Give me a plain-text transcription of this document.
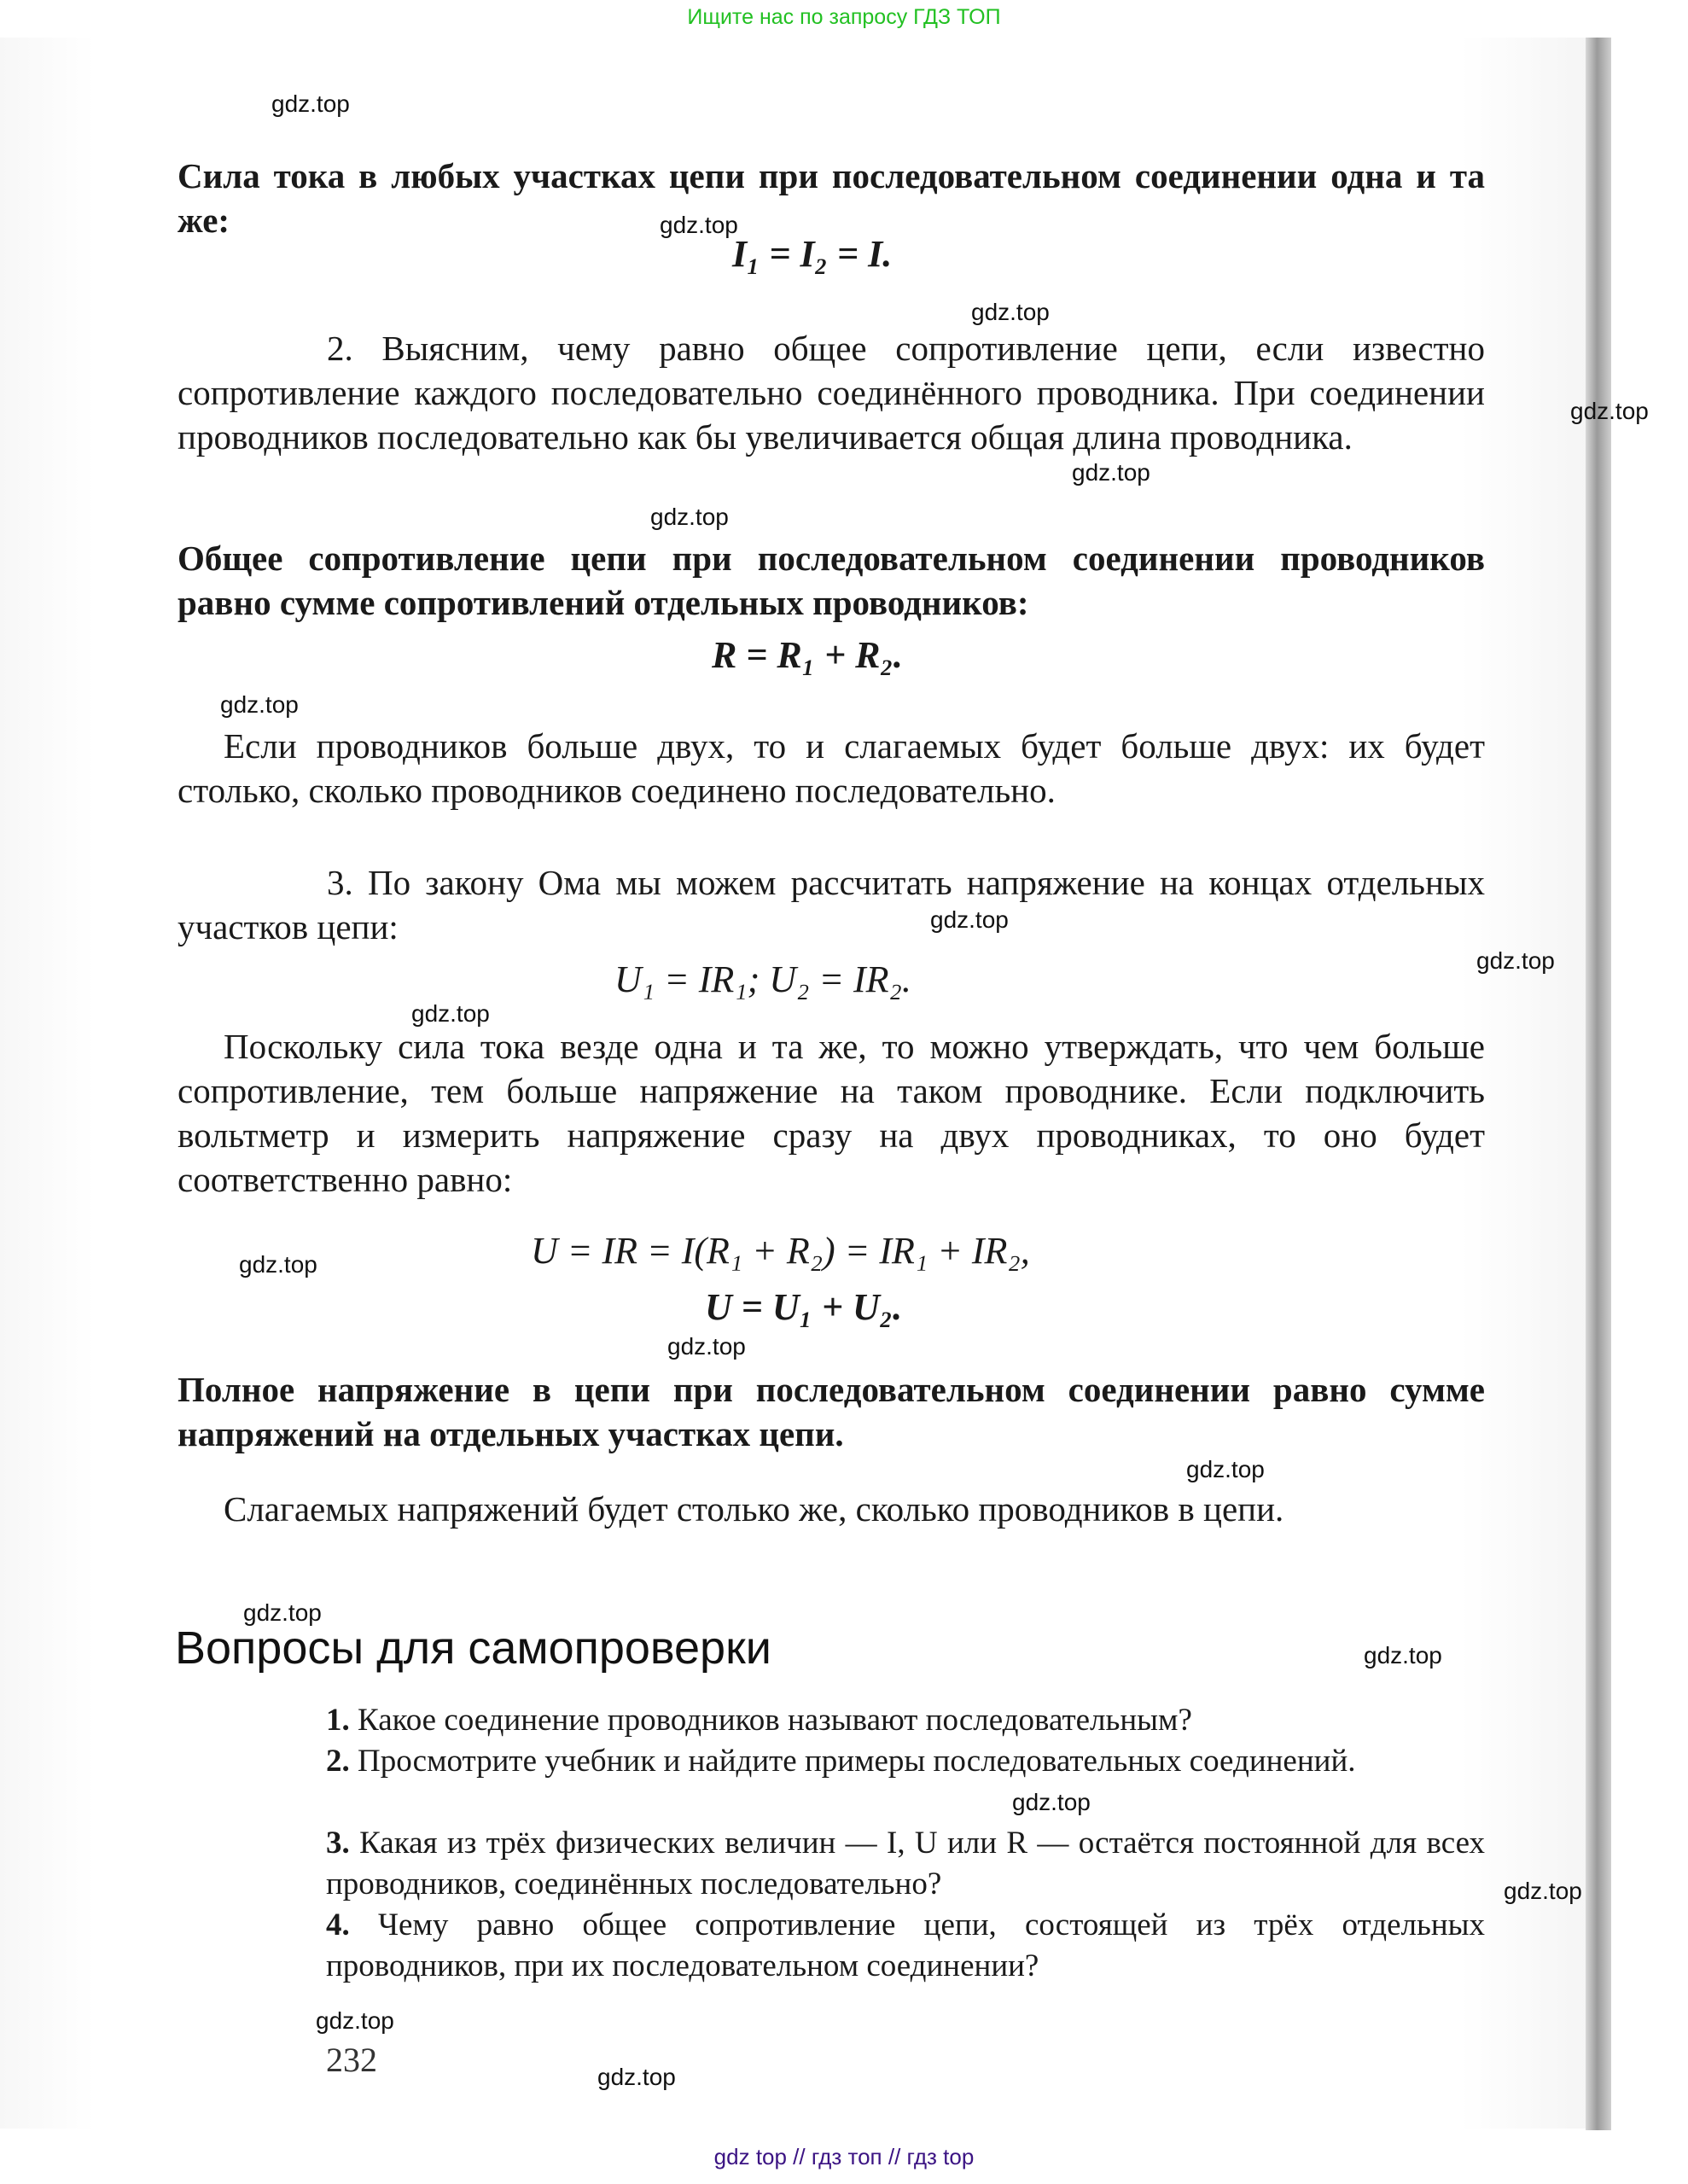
Ищите нас по запросу ГДЗ ТОП

Сила тока в любых участках цепи при последовательном соединении одна и та же:

I₁ = I₂ = I.

2. Выясним, чему равно общее сопротивление цепи, если известно сопротивление каждого последовательно соединённого проводника. При соединении проводников последовательно как бы увеличивается общая длина проводника.

Общее сопротивление цепи при последовательном соединении проводников равно сумме сопротивлений отдельных проводников:

R = R₁ + R₂.

Если проводников больше двух, то и слагаемых будет больше двух: их будет столько, сколько проводников соединено последовательно.

3. По закону Ома мы можем рассчитать напряжение на концах отдельных участков цепи:

U₁ = IR₁; U₂ = IR₂.

Поскольку сила тока везде одна и та же, то можно утверждать, что чем больше сопротивление, тем больше напряжение на таком проводнике. Если подключить вольтметр и измерить напряжение сразу на двух проводниках, то оно будет соответственно равно:

U = IR = I(R₁ + R₂) = IR₁ + IR₂,
U = U₁ + U₂.

Полное напряжение в цепи при последовательном соединении равно сумме напряжений на отдельных участках цепи.

Слагаемых напряжений будет столько же, сколько проводников в цепи.

Вопросы для самопроверки

1. Какое соединение проводников называют последовательным?

2. Просмотрите учебник и найдите примеры последовательных соединений.

3. Какая из трёх физических величин — I, U или R — остаётся постоянной для всех проводников, соединённых последовательно?

4. Чему равно общее сопротивление цепи, состоящей из трёх отдельных проводников, при их последовательном соединении?

232
gdz.top
gdz.top
gdz.top
gdz.top
gdz.top
gdz.top
gdz.top
gdz.top
gdz.top
gdz.top
gdz.top
gdz.top
gdz.top
gdz.top
gdz.top
gdz.top
gdz.top
gdz.top
gdz.top
gdz top // гдз топ // гдз top
